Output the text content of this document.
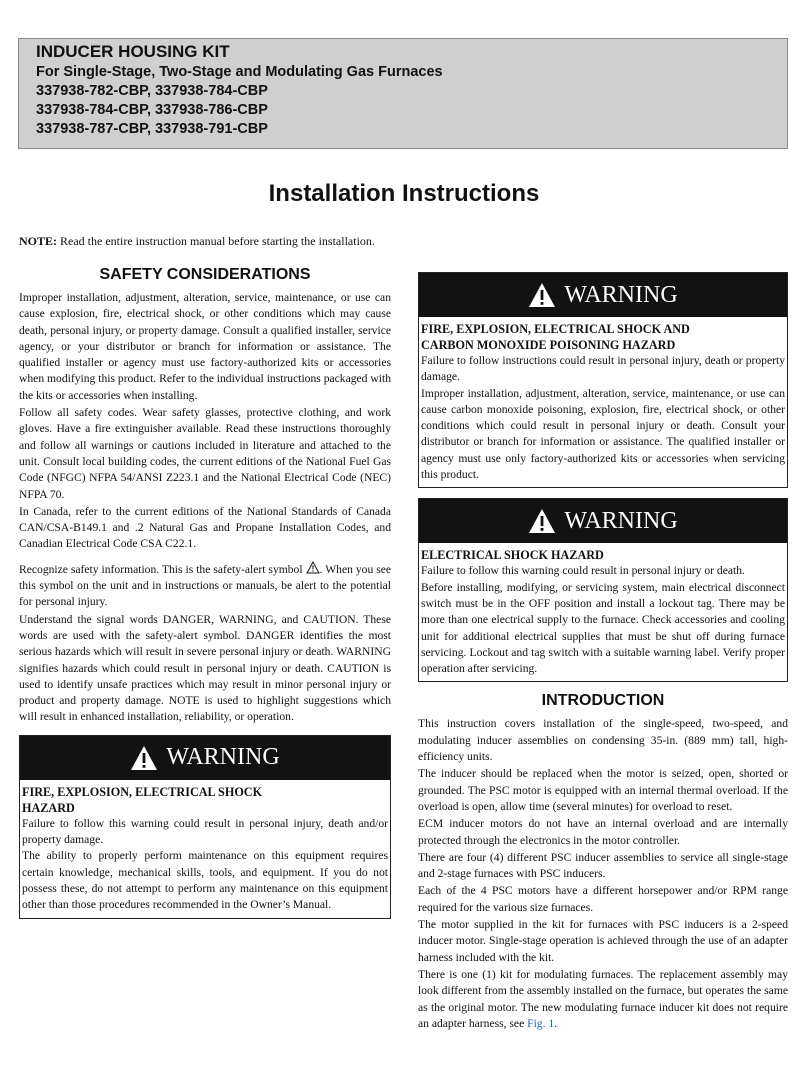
INDUCER HOUSING KIT
For Single-Stage, Two-Stage and Modulating Gas Furnaces
337938-782-CBP, 337938-784-CBP
337938-784-CBP, 337938-786-CBP
337938-787-CBP, 337938-791-CBP
Installation Instructions
NOTE: Read the entire instruction manual before starting the installation.
SAFETY CONSIDERATIONS

Improper installation, adjustment, alteration, service, maintenance, or use can cause explosion, fire, electrical shock, or other conditions which may cause death, personal injury, or property damage. Consult a qualified installer, service agency, or your distributor or branch for information or assistance. The qualified installer or agency must use factory-authorized kits or accessories when modifying this product. Refer to the individual instructions packaged with the kits or accessories when installing.

Follow all safety codes. Wear safety glasses, protective clothing, and work gloves. Have a fire extinguisher available. Read these instructions thoroughly and follow all warnings or cautions included in literature and attached to the unit. Consult local building codes, the current editions of the National Fuel Gas Code (NFGC) NFPA 54/ANSI Z223.1 and the National Electrical Code (NEC) NFPA 70.

In Canada, refer to the current editions of the National Standards of Canada CAN/CSA-B149.1 and .2 Natural Gas and Propane Installation Codes, and Canadian Electrical Code CSA C22.1.

Recognize safety information. This is the safety-alert symbol ! . When you see this symbol on the unit and in instructions or manuals, be alert to the potential for personal injury.

Understand the signal words DANGER, WARNING, and CAUTION. These words are used with the safety-alert symbol. DANGER identifies the most serious hazards which will result in severe personal injury or death. WARNING signifies hazards which could result in personal injury or death. CAUTION is used to identify unsafe practices which may result in minor personal injury or product and property damage. NOTE is used to highlight suggestions which will result in enhanced installation, reliability, or operation.

WARNING
FIRE, EXPLOSION, ELECTRICAL SHOCK
HAZARD

Failure to follow this warning could result in personal injury, death and/or property damage.

The ability to properly perform maintenance on this equipment requires certain knowledge, mechanical skills, tools, and equipment. If you do not possess these, do not attempt to perform any maintenance on this equipment other than those procedures recommended in the Owner’s Manual.

WARNING
FIRE, EXPLOSION, ELECTRICAL SHOCK AND
CARBON MONOXIDE POISONING HAZARD

Failure to follow instructions could result in personal injury, death or property damage.

Improper installation, adjustment, alteration, service, maintenance, or use can cause carbon monoxide poisoning, explosion, fire, electrical shock, or other conditions which could result in personal injury or death. Consult your distributor or branch for information or assistance. The qualified installer or agency must use only factory-authorized kits or accessories when servicing this product.

WARNING
ELECTRICAL SHOCK HAZARD

Failure to follow this warning could result in personal injury or death.

Before installing, modifying, or servicing system, main electrical disconnect switch must be in the OFF position and install a lockout tag. There may be more than one electrical supply to the furnace. Check accessories and cooling unit for additional electrical supplies that must be shut off during furnace servicing. Lockout and tag switch with a suitable warning label. Verify proper operation after servicing.

INTRODUCTION

This instruction covers installation of the single-speed, two-speed, and modulating inducer assemblies on condensing 35-in. (889 mm) tall, high-efficiency units.

The inducer should be replaced when the motor is seized, open, shorted or grounded. The PSC motor is equipped with an internal thermal overload. If the overload is open, allow time (several minutes) for overload to reset.

ECM inducer motors do not have an internal overload and are internally protected through the electronics in the motor controller.

There are four (4) different PSC inducer assemblies to service all single-stage and 2-stage furnaces with PSC inducers.

Each of the 4 PSC motors have a different horsepower and/or RPM range required for the various size furnaces.

The motor supplied in the kit for furnaces with PSC inducers is a 2-speed inducer motor. Single-stage operation is achieved through the use of an adapter harness included with the kit.

There is one (1) kit for modulating furnaces. The replacement assembly may look different from the assembly installed on the furnace, but operates the same as the original motor. The new modulating furnace inducer kit does not require an adapter harness, see Fig. 1.
